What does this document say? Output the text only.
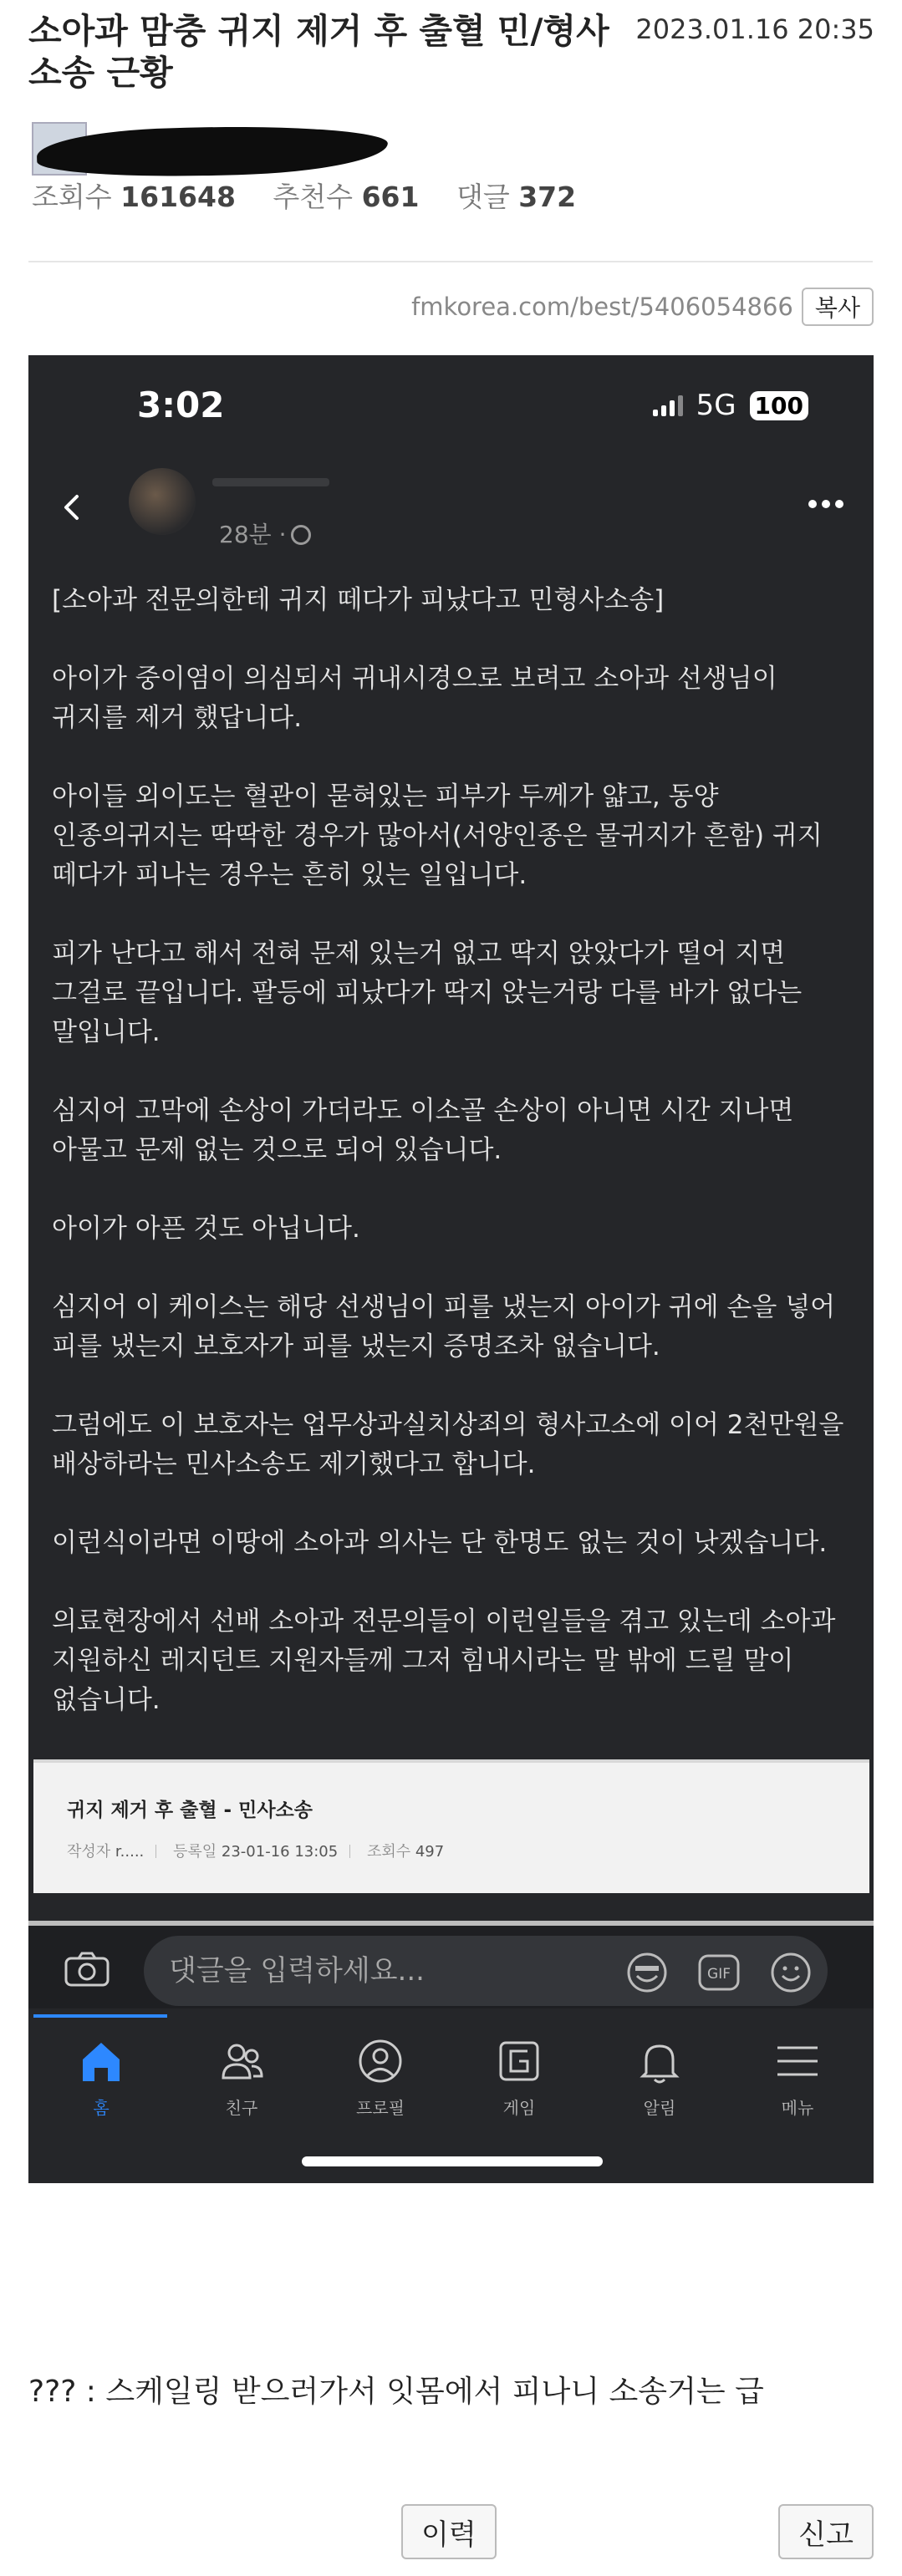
소아과 맘충 귀지 제거 후 출혈 민/형사 소송 근황
2023.01.16 20:35
조회수 161648 추천수 661 댓글 372
fmkorea.com/best/5406054866 복사
3:02	5G 100
28분 ·

[소아과 전문의한테 귀지 떼다가 피났다고 민형사소송]

아이가 중이염이 의심되서 귀내시경으로 보려고 소아과 선생님이 귀지를 제거 했답니다.

아이들 외이도는 혈관이 묻혀있는 피부가 두께가 얇고, 동양 인종의귀지는 딱딱한 경우가 많아서(서양인종은 물귀지가 흔함) 귀지 떼다가 피나는 경우는 흔히 있는 일입니다.

피가 난다고 해서 전혀 문제 있는거 없고 딱지 앉았다가 떨어 지면 그걸로 끝입니다. 팔등에 피났다가 딱지 앉는거랑 다를 바가 없다는 말입니다.

심지어 고막에 손상이 가더라도 이소골 손상이 아니면 시간 지나면 아물고 문제 없는 것으로 되어 있습니다.

아이가 아픈 것도 아닙니다.

심지어 이 케이스는 해당 선생님이 피를 냈는지 아이가 귀에 손을 넣어 피를 냈는지 보호자가 피를 냈는지 증명조차 없습니다.

그럼에도 이 보호자는 업무상과실치상죄의 형사고소에 이어 2천만원을 배상하라는 민사소송도 제기했다고 합니다.

이런식이라면 이땅에 소아과 의사는 단 한명도 없는 것이 낫겠습니다.

의료현장에서 선배 소아과 전문의들이 이런일들을 겪고 있는데 소아과 지원하신 레지던트 지원자들께 그저 힘내시라는 말 밖에 드릴 말이 없습니다.

귀지 제거 후 출혈 - 민사소송
작성자 r..... 등록일 23-01-16 13:05 조회수 497
댓글을 입력하세요...
GIF
홈	친구	프로필	게임	알림	메뉴
??? : 스케일링 받으러가서 잇몸에서 피나니 소송거는 급
이력	신고
